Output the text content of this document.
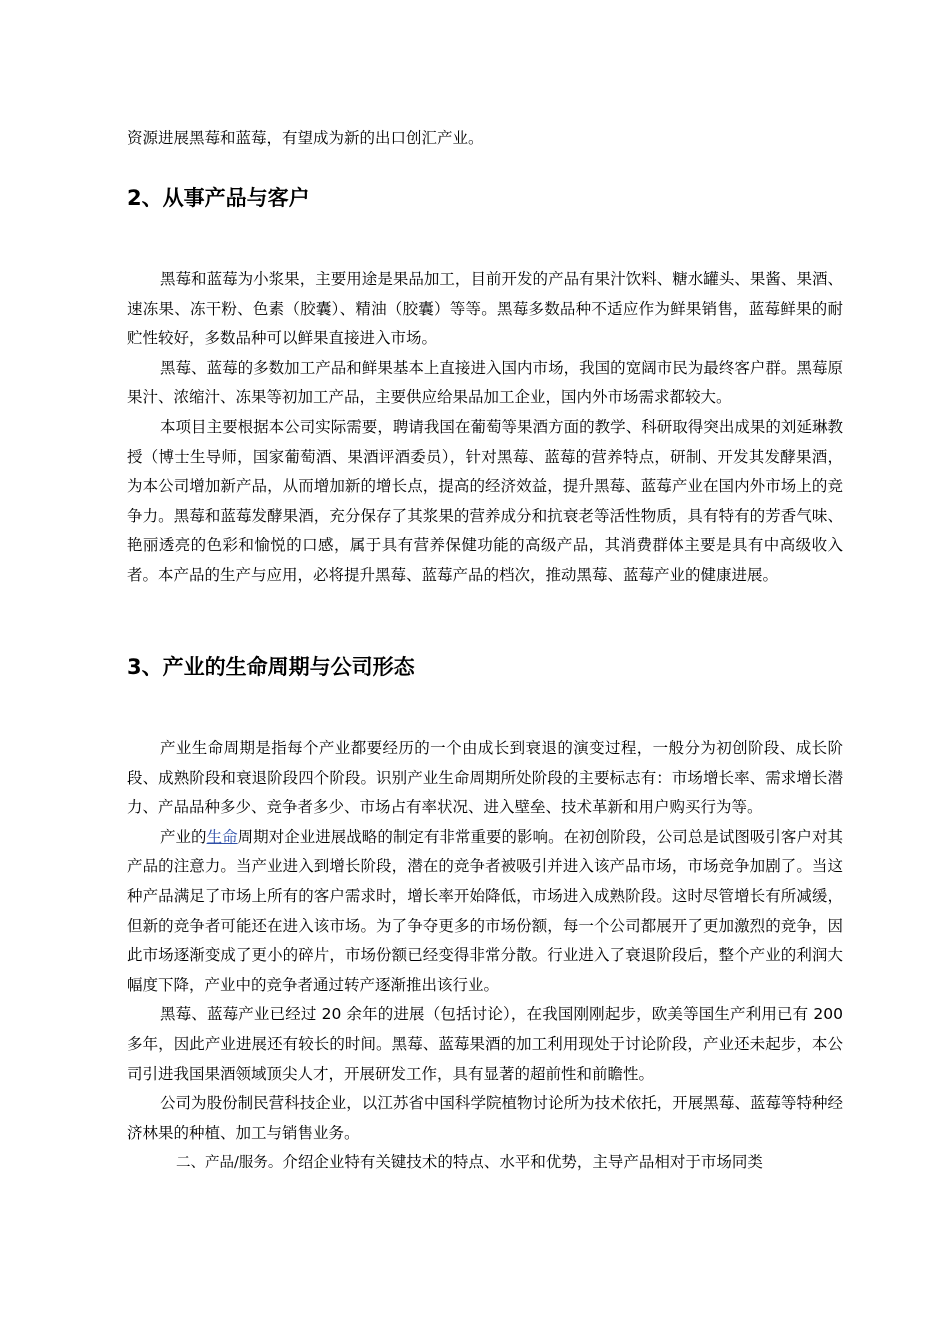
资源进展黑莓和蓝莓，有望成为新的出口创汇产业。

2、从事产品与客户

黑莓和蓝莓为小浆果，主要用途是果品加工，目前开发的产品有果汁饮料、糖水罐头、果酱、果酒、速冻果、冻干粉、色素（胶囊）、精油（胶囊）等等。黑莓多数品种不适应作为鲜果销售，蓝莓鲜果的耐贮性较好，多数品种可以鲜果直接进入市场。

黑莓、蓝莓的多数加工产品和鲜果基本上直接进入国内市场，我国的宽阔市民为最终客户群。黑莓原果汁、浓缩汁、冻果等初加工产品，主要供应给果品加工企业，国内外市场需求都较大。

本项目主要根据本公司实际需要，聘请我国在葡萄等果酒方面的教学、科研取得突出成果的刘延琳教授（博士生导师，国家葡萄酒、果酒评酒委员），针对黑莓、蓝莓的营养特点，研制、开发其发酵果酒，为本公司增加新产品，从而增加新的增长点，提高的经济效益，提升黑莓、蓝莓产业在国内外市场上的竞争力。黑莓和蓝莓发酵果酒，充分保存了其浆果的营养成分和抗衰老等活性物质，具有特有的芳香气味、艳丽透亮的色彩和愉悦的口感，属于具有营养保健功能的高级产品，其消费群体主要是具有中高级收入者。本产品的生产与应用，必将提升黑莓、蓝莓产品的档次，推动黑莓、蓝莓产业的健康进展。

3、产业的生命周期与公司形态

产业生命周期是指每个产业都要经历的一个由成长到衰退的演变过程，一般分为初创阶段、成长阶段、成熟阶段和衰退阶段四个阶段。识别产业生命周期所处阶段的主要标志有：市场增长率、需求增长潜力、产品品种多少、竞争者多少、市场占有率状况、进入壁垒、技术革新和用户购买行为等。

产业的生命周期对企业进展战略的制定有非常重要的影响。在初创阶段，公司总是试图吸引客户对其产品的注意力。当产业进入到增长阶段，潜在的竞争者被吸引并进入该产品市场，市场竞争加剧了。当这种产品满足了市场上所有的客户需求时，增长率开始降低，市场进入成熟阶段。这时尽管增长有所减缓，但新的竞争者可能还在进入该市场。为了争夺更多的市场份额，每一个公司都展开了更加激烈的竞争，因此市场逐渐变成了更小的碎片，市场份额已经变得非常分散。行业进入了衰退阶段后，整个产业的利润大幅度下降，产业中的竞争者通过转产逐渐推出该行业。

黑莓、蓝莓产业已经过 20 余年的进展（包括讨论），在我国刚刚起步，欧美等国生产利用已有 200 多年，因此产业进展还有较长的时间。黑莓、蓝莓果酒的加工利用现处于讨论阶段，产业还未起步，本公司引进我国果酒领域顶尖人才，开展研发工作，具有显著的超前性和前瞻性。

公司为股份制民营科技企业，以江苏省中国科学院植物讨论所为技术依托，开展黑莓、蓝莓等特种经济林果的种植、加工与销售业务。

二、产品/服务。介绍企业特有关键技术的特点、水平和优势，主导产品相对于市场同类
